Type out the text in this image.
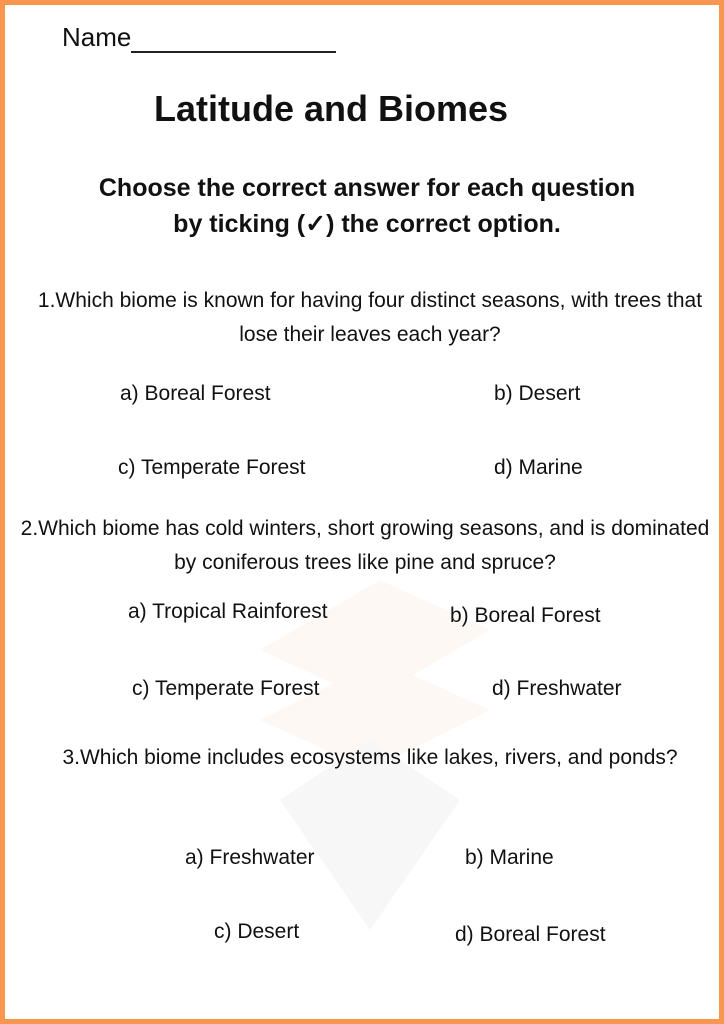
Name
Latitude and Biomes
Choose the correct answer for each question
by ticking (✓) the correct option.
1.Which biome is known for having four distinct seasons, with trees that lose their leaves each year?
a) Boreal Forest	b) Desert
c) Temperate Forest	d) Marine
2.Which biome has cold winters, short growing seasons, and is dominated by coniferous trees like pine and spruce?
a) Tropical Rainforest	b) Boreal Forest
c) Temperate Forest	d) Freshwater
3.Which biome includes ecosystems like lakes, rivers, and ponds?
a) Freshwater	b) Marine
c) Desert	d) Boreal Forest
